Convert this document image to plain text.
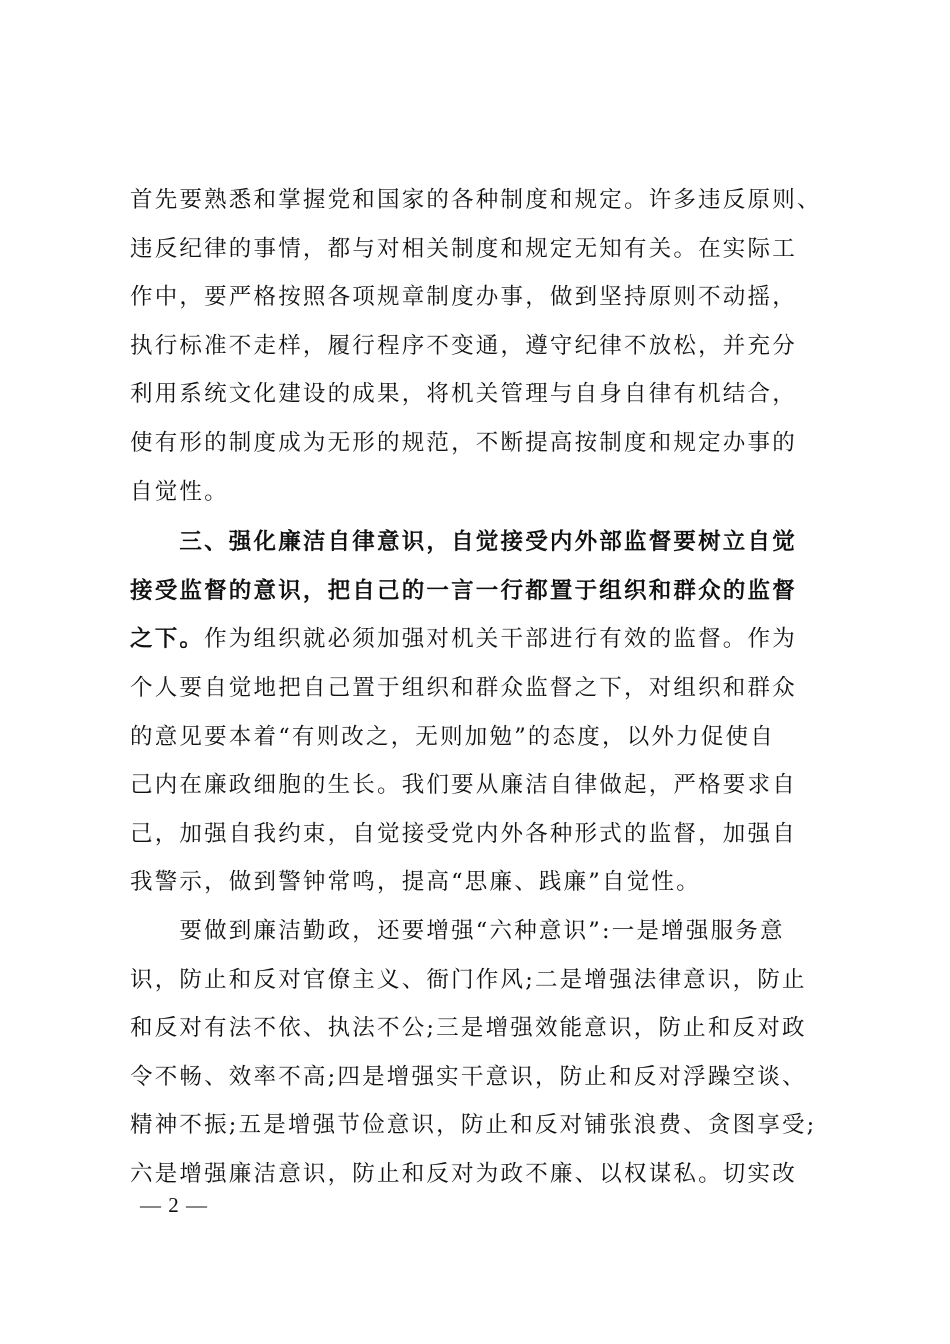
首先要熟悉和掌握党和国家的各种制度和规定。许多违反原则、
违反纪律的事情，都与对相关制度和规定无知有关。在实际工
作中，要严格按照各项规章制度办事，做到坚持原则不动摇，
执行标准不走样，履行程序不变通，遵守纪律不放松，并充分
利用系统文化建设的成果，将机关管理与自身自律有机结合，
使有形的制度成为无形的规范，不断提高按制度和规定办事的
自觉性。
　　三、强化廉洁自律意识，自觉接受内外部监督要树立自觉
接受监督的意识，把自己的一言一行都置于组织和群众的监督
之下。作为组织就必须加强对机关干部进行有效的监督。作为
个人要自觉地把自己置于组织和群众监督之下，对组织和群众
的意见要本着“有则改之，无则加勉”的态度，以外力促使自
己内在廉政细胞的生长。我们要从廉洁自律做起，严格要求自
己，加强自我约束，自觉接受党内外各种形式的监督，加强自
我警示，做到警钟常鸣，提高“思廉、践廉”自觉性。
　　要做到廉洁勤政，还要增强“六种意识”:一是增强服务意
识，防止和反对官僚主义、衙门作风;二是增强法律意识，防止
和反对有法不依、执法不公;三是增强效能意识，防止和反对政
令不畅、效率不高;四是增强实干意识，防止和反对浮躁空谈、
精神不振;五是增强节俭意识，防止和反对铺张浪费、贪图享受;
六是增强廉洁意识，防止和反对为政不廉、以权谋私。切实改
— 2 —
